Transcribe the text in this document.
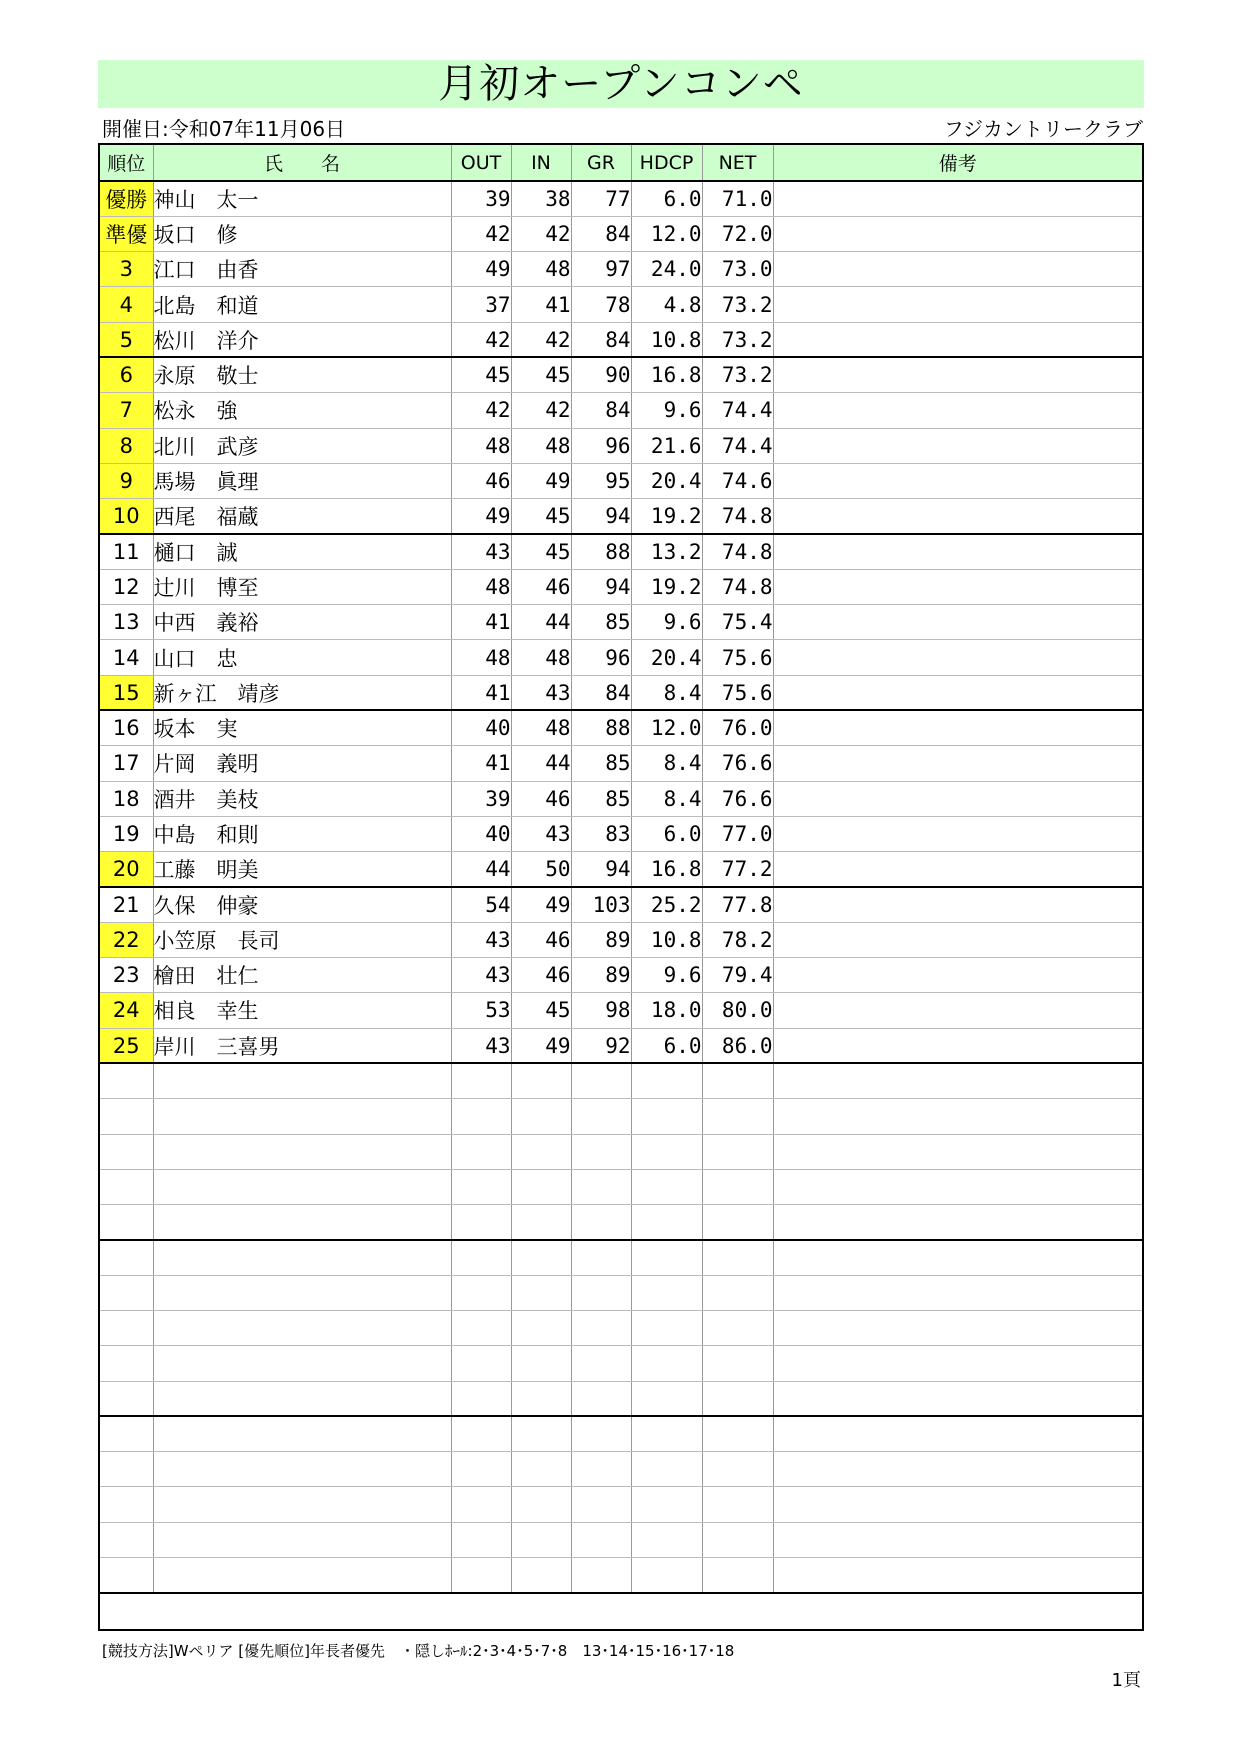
月初オープンコンペ
開催日:令和07年11月06日	フジカントリークラブ
順位	氏　　名	OUT	IN	GR	HDCP	NET	備考
優勝	神山　太一	39	38	77	6.0	71.0	
準優	坂口　修	42	42	84	12.0	72.0	
3	江口　由香	49	48	97	24.0	73.0	
4	北島　和道	37	41	78	4.8	73.2	
5	松川　洋介	42	42	84	10.8	73.2	
6	永原　敬士	45	45	90	16.8	73.2	
7	松永　強	42	42	84	9.6	74.4	
8	北川　武彦	48	48	96	21.6	74.4	
9	馬場　眞理	46	49	95	20.4	74.6	
10	西尾　福蔵	49	45	94	19.2	74.8	
11	樋口　誠	43	45	88	13.2	74.8	
12	辻川　博至	48	46	94	19.2	74.8	
13	中西　義裕	41	44	85	9.6	75.4	
14	山口　忠	48	48	96	20.4	75.6	
15	新ヶ江　靖彦	41	43	84	8.4	75.6	
16	坂本　実	40	48	88	12.0	76.0	
17	片岡　義明	41	44	85	8.4	76.6	
18	酒井　美枝	39	46	85	8.4	76.6	
19	中島　和則	40	43	83	6.0	77.0	
20	工藤　明美	44	50	94	16.8	77.2	
21	久保　伸豪	54	49	103	25.2	77.8	
22	小笠原　長司	43	46	89	10.8	78.2	
23	檜田　壮仁	43	46	89	9.6	79.4	
24	相良　幸生	53	45	98	18.0	80.0	
25	岸川　三喜男	43	49	92	6.0	86.0	

[競技方法]Wペリア [優先順位]年長者優先　・隠しﾎｰﾙ:2･3･4･5･7･8　13･14･15･16･17･18
1頁
